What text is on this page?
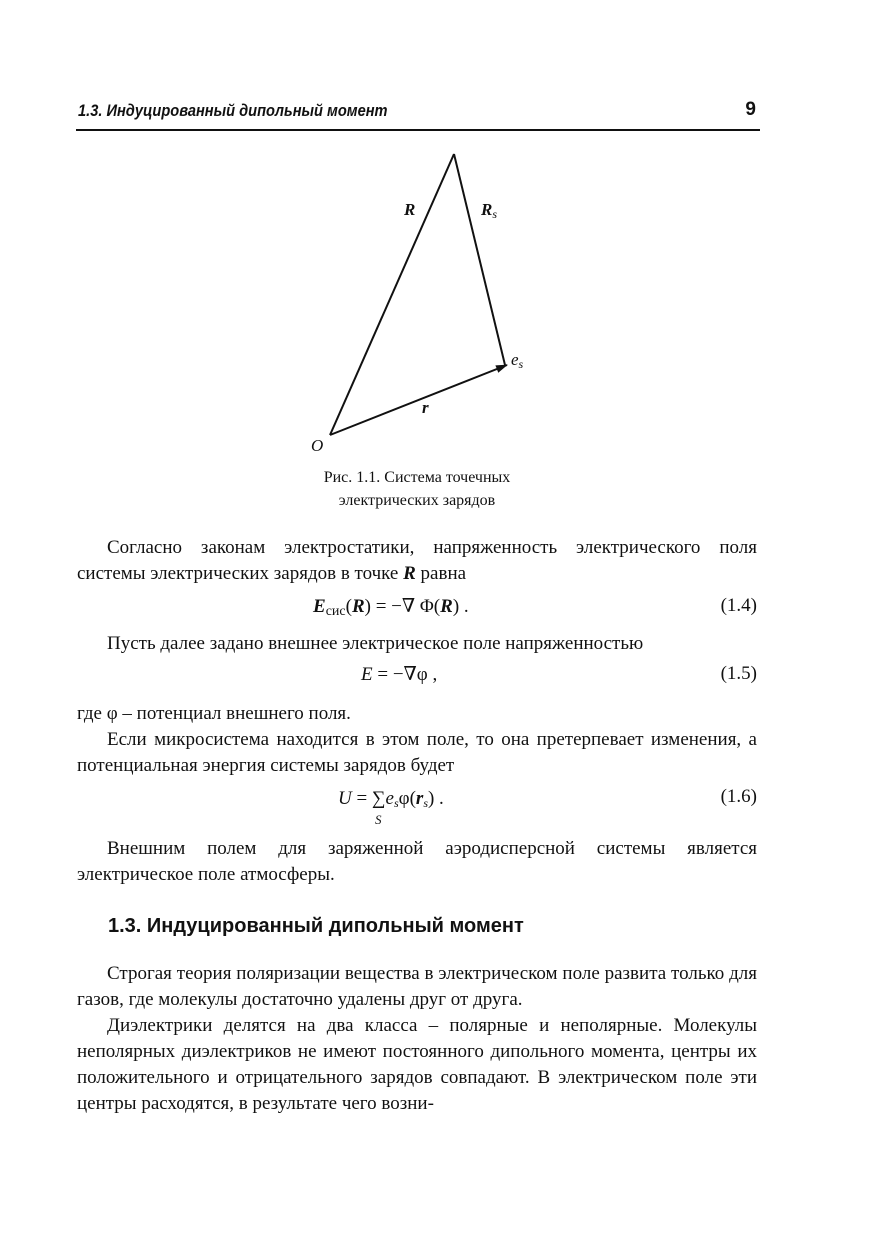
1.3. Индуцированный дипольный момент	9
R	$R_s$
$e_s$
r
O
Рис. 1.1. Система точечных
электрических зарядов
Согласно законам электростатики, напряженность электрического поля системы электрических зарядов в точке R равна
$E_{сис}(R)$ = −∇ Φ(R) .	(1.4)
Пусть далее задано внешнее электрическое поле напряженностью
E = −∇φ ,	(1.5)
где φ – потенциал внешнего поля.
Если микросистема находится в этом поле, то она претерпевает изменения, а потенциальная энергия системы зарядов будет
U = ∑
S
$e_s\varphi(r_s)$ .	(1.6)
Внешним полем для заряженной аэродисперсной системы является электрическое поле атмосферы.
1.3. Индуцированный дипольный момент
Строгая теория поляризации вещества в электрическом поле развита только для газов, где молекулы достаточно удалены друг от друга.
Диэлектрики делятся на два класса – полярные и неполярные. Молекулы неполярных диэлектриков не имеют постоянного дипольного момента, центры их положительного и отрицательного зарядов совпадают. В электрическом поле эти центры расходятся, в результате чего возни-
